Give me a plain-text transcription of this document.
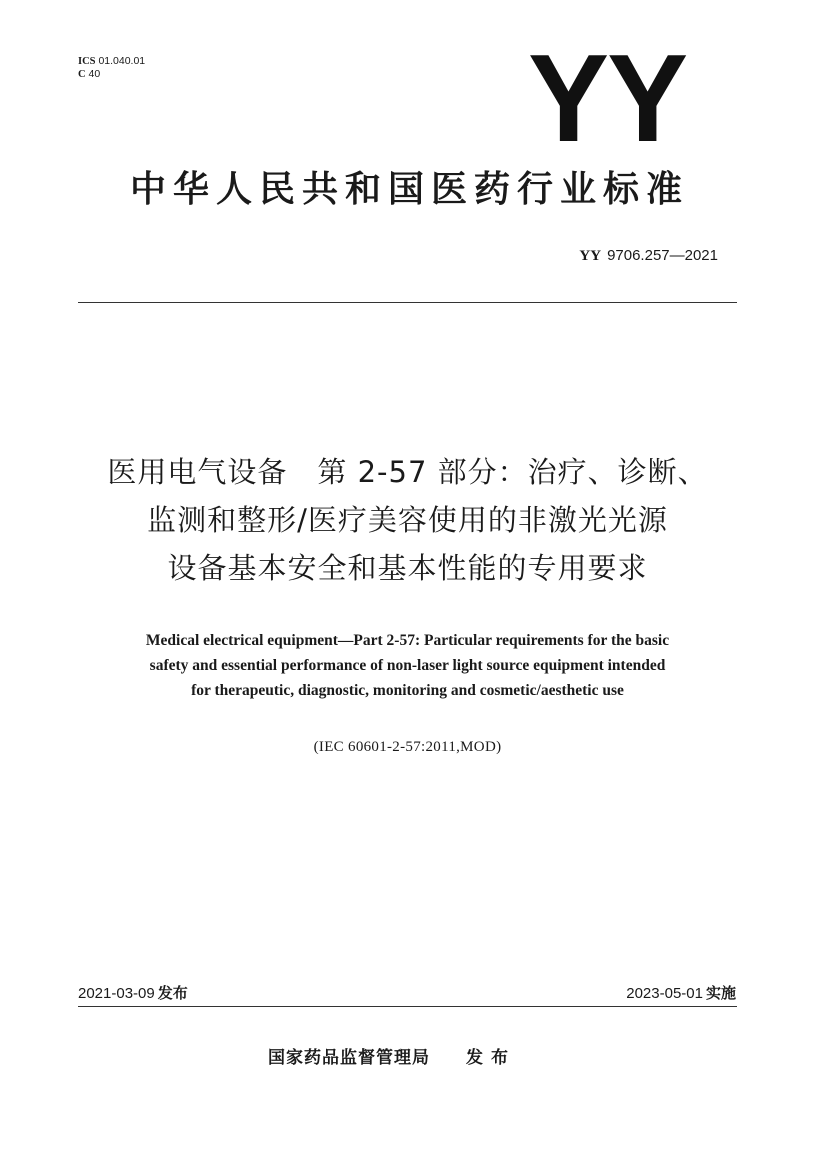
ICS 01.040.01
C 40	YY
中华人民共和国医药行业标准
YY 9706.257—2021
医用电气设备　第 2-57 部分：治疗、诊断、
监测和整形/医疗美容使用的非激光光源
设备基本安全和基本性能的专用要求
Medical electrical equipment—Part 2-57: Particular requirements for the basic
safety and essential performance of non-laser light source equipment intended
for therapeutic, diagnostic, monitoring and cosmetic/aesthetic use
(IEC 60601-2-57:2011,MOD)
2021-03-09 发布	2023-05-01 实施
国家药品监督管理局 发布
